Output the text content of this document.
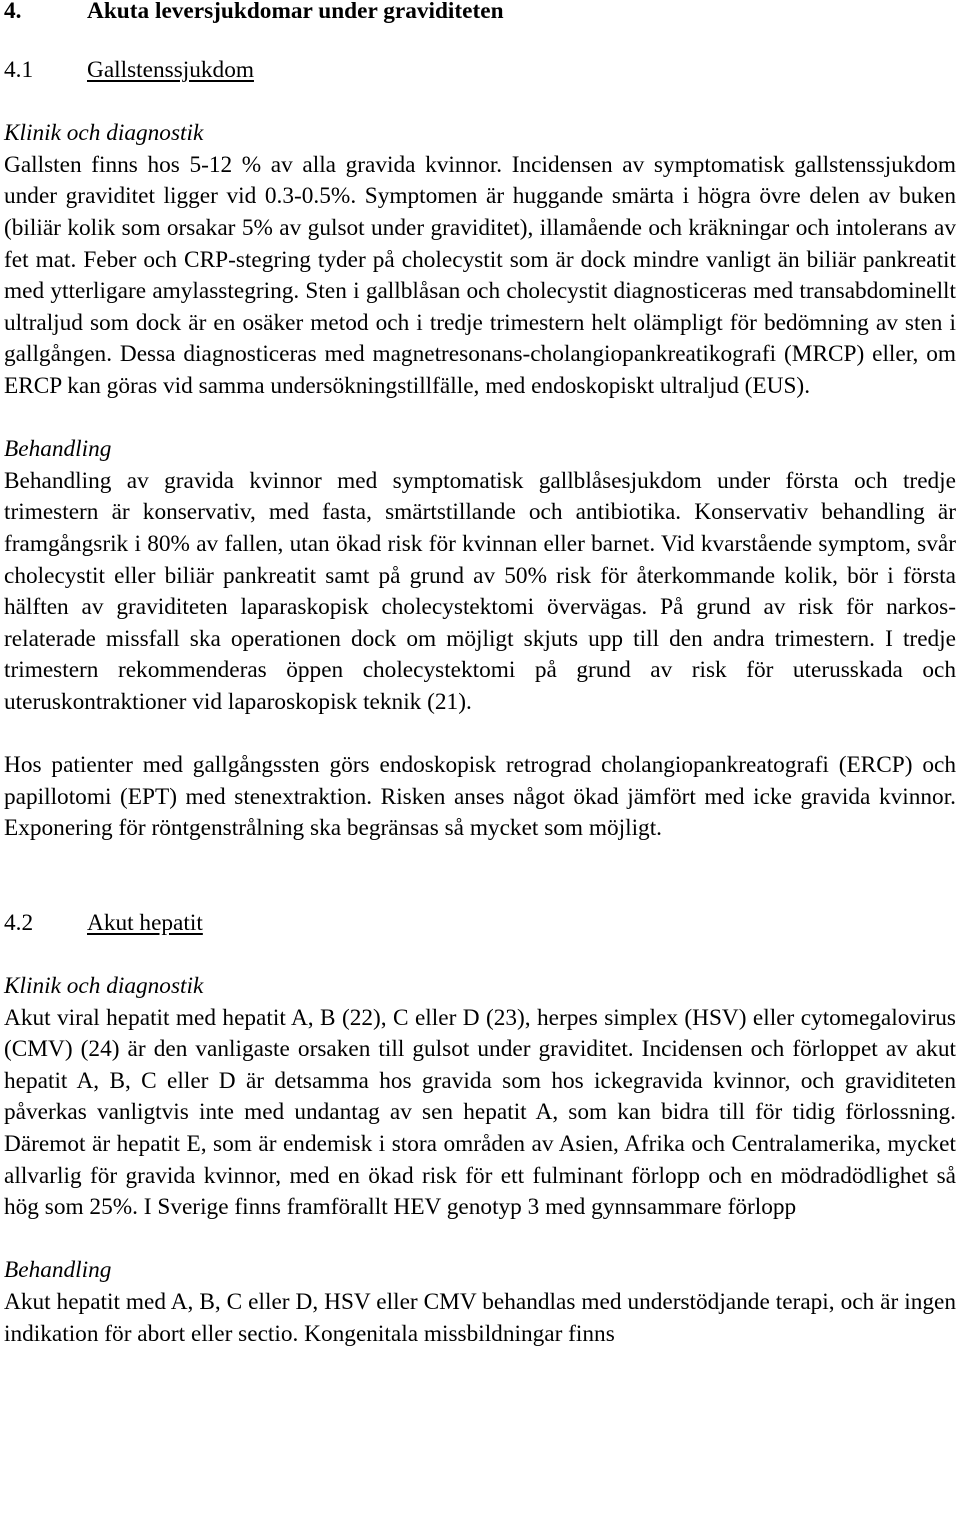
4.	Akuta leversjukdomar under graviditeten
4.1 Gallstenssjukdom
Klinik och diagnostik

Gallsten finns hos 5-12 % av alla gravida kvinnor. Incidensen av symptomatisk gallstenssjukdom under graviditet ligger vid 0.3-0.5%. Symptomen är huggande smärta i högra övre delen av buken (biliär kolik som orsakar 5% av gulsot under graviditet), illamående och kräkningar och intolerans av fet mat. Feber och CRP-stegring tyder på cholecystit som är dock mindre vanligt än biliär pankreatit med ytterligare amylasstegring. Sten i gallblåsan och cholecystit diagnosticeras med transabdominellt ultraljud som dock är en osäker metod och i tredje trimestern helt olämpligt för bedömning av sten i gallgången. Dessa diagnosticeras med magnetresonans-cholangiopankreatikografi (MRCP) eller, om ERCP kan göras vid samma undersökningstillfälle, med endoskopiskt ultraljud (EUS).

Behandling

Behandling av gravida kvinnor med symptomatisk gallblåsesjukdom under första och tredje trimestern är konservativ, med fasta, smärtstillande och antibiotika. Konservativ behandling är framgångsrik i 80% av fallen, utan ökad risk för kvinnan eller barnet. Vid kvarstående symptom, svår cholecystit eller biliär pankreatit samt på grund av 50% risk för återkommande kolik, bör i första hälften av graviditeten laparaskopisk cholecystektomi övervägas. På grund av risk för narkos-relaterade missfall ska operationen dock om möjligt skjuts upp till den andra trimestern. I tredje trimestern rekommenderas öppen cholecystektomi på grund av risk för uterusskada och uteruskontraktioner vid laparoskopisk teknik (21).

Hos patienter med gallgångssten görs endoskopisk retrograd cholangiopankreatografi (ERCP) och papillotomi (EPT) med stenextraktion. Risken anses något ökad jämfört med icke gravida kvinnor. Exponering för röntgenstrålning ska begränsas så mycket som möjligt.

4.2 Akut hepatit
Klinik och diagnostik

Akut viral hepatit med hepatit A, B (22), C eller D (23), herpes simplex (HSV) eller cytomegalovirus (CMV) (24) är den vanligaste orsaken till gulsot under graviditet. Incidensen och förloppet av akut hepatit A, B, C eller D är detsamma hos gravida som hos ickegravida kvinnor, och graviditeten påverkas vanligtvis inte med undantag av sen hepatit A, som kan bidra till för tidig förlossning. Däremot är hepatit E, som är endemisk i stora områden av Asien, Afrika och Centralamerika, mycket allvarlig för gravida kvinnor, med en ökad risk för ett fulminant förlopp och en mödradödlighet så hög som 25%. I Sverige finns framförallt HEV genotyp 3 med gynnsammare förlopp

Behandling

Akut hepatit med A, B, C eller D, HSV eller CMV behandlas med understödjande terapi, och är ingen indikation för abort eller sectio. Kongenitala missbildningar finns
